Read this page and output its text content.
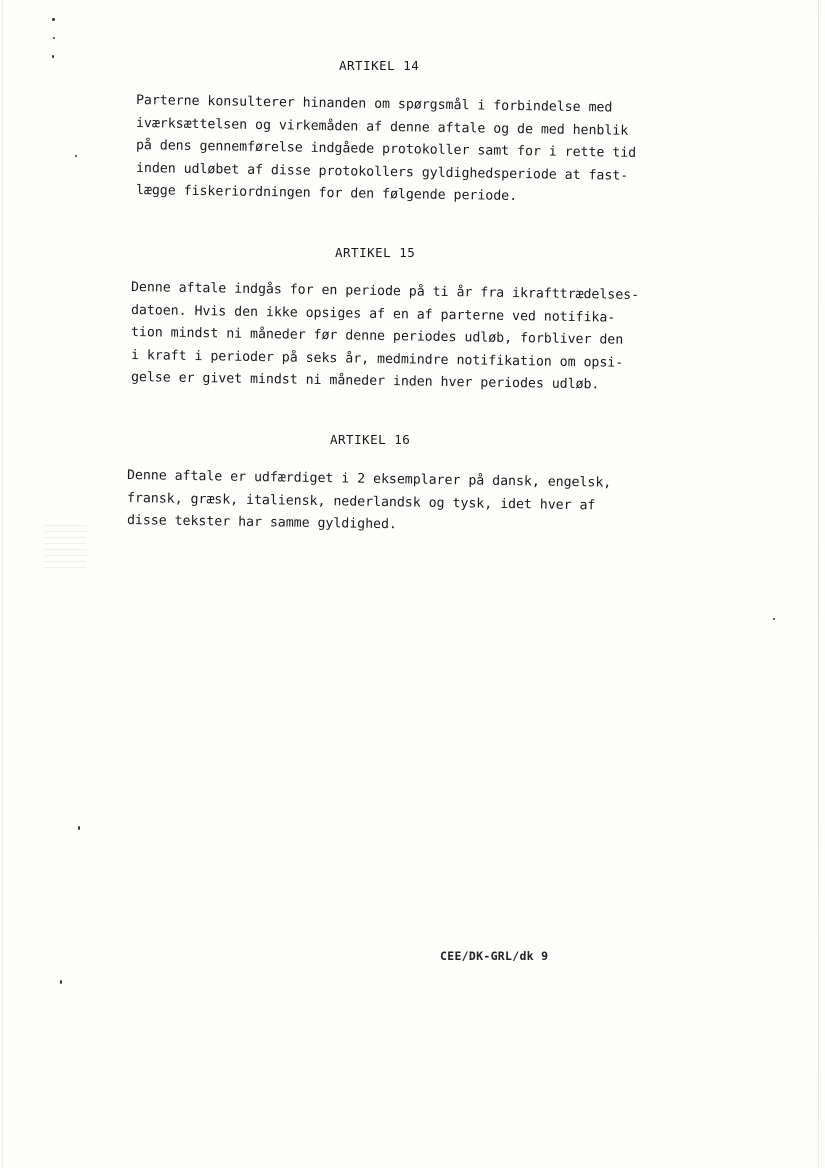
ARTIKEL 14
Parterne konsulterer hinanden om spørgsmål i forbindelse med
iværksættelsen og virkemåden af denne aftale og de med henblik
på dens gennemførelse indgåede protokoller samt for i rette tid
inden udløbet af disse protokollers gyldighedsperiode at fast-
lægge fiskeriordningen for den følgende periode.
ARTIKEL 15
Denne aftale indgås for en periode på ti år fra ikrafttrædelses-
datoen. Hvis den ikke opsiges af en af parterne ved notifika-
tion mindst ni måneder før denne periodes udløb, forbliver den
i kraft i perioder på seks år, medmindre notifikation om opsi-
gelse er givet mindst ni måneder inden hver periodes udløb.
ARTIKEL 16
Denne aftale er udfærdiget i 2 eksemplarer på dansk, engelsk,
fransk, græsk, italiensk, nederlandsk og tysk, idet hver af
disse tekster har samme gyldighed.
CEE/DK-GRL/dk 9
